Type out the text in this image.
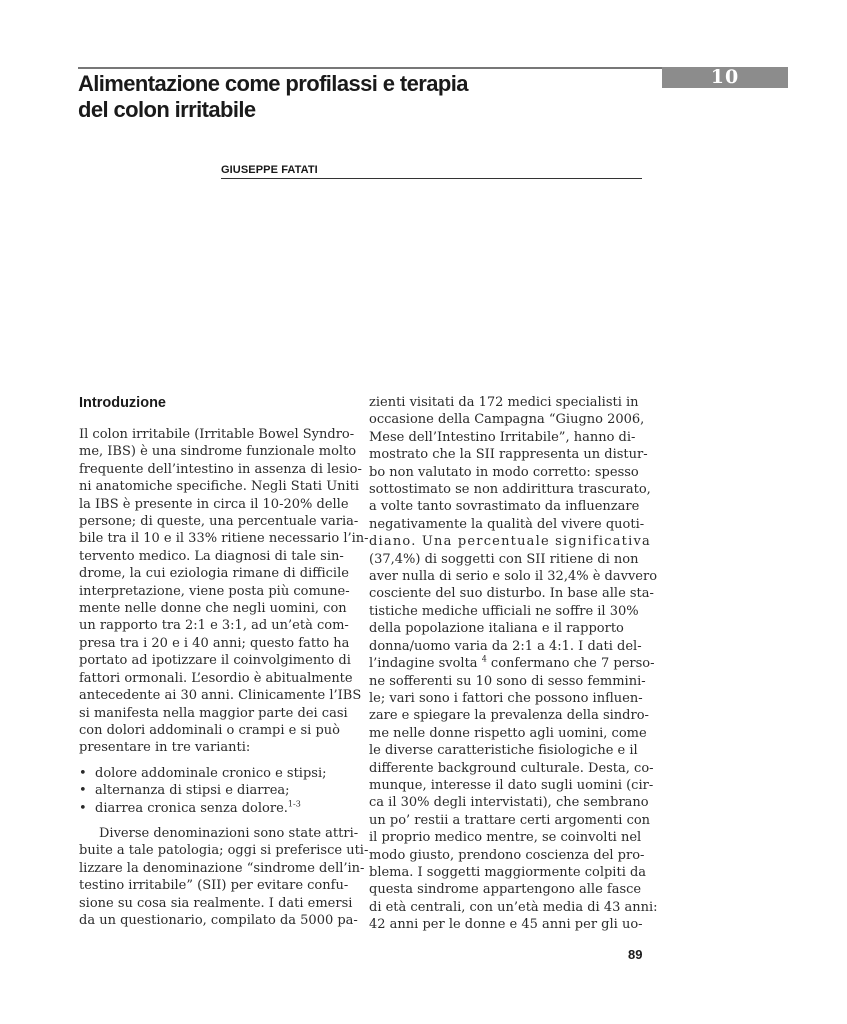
10
Alimentazione come profilassi e terapia
del colon irritabile
GIUSEPPE FATATI
Introduzione

Il colon irritabile (Irritable Bowel Syndro-

me, IBS) è una sindrome funzionale molto

frequente dell’intestino in assenza di lesio-

ni anatomiche specifiche. Negli Stati Uniti

la IBS è presente in circa il 10-20% delle

persone; di queste, una percentuale varia-

bile tra il 10 e il 33% ritiene necessario l’in-

tervento medico. La diagnosi di tale sin-

drome, la cui eziologia rimane di difficile

interpretazione, viene posta più comune-

mente nelle donne che negli uomini, con

un rapporto tra 2:1 e 3:1, ad un’età com-

presa tra i 20 e i 40 anni; questo fatto ha

portato ad ipotizzare il coinvolgimento di

fattori ormonali. L’esordio è abitualmente

antecedente ai 30 anni. Clinicamente l’IBS

si manifesta nella maggior parte dei casi

con dolori addominali o crampi e si può

presentare in tre varianti:

• dolore addominale cronico e stipsi;
• alternanza di stipsi e diarrea;
• diarrea cronica senza dolore.$^{1-3}$

Diverse denominazioni sono state attri-

buite a tale patologia; oggi si preferisce uti-

lizzare la denominazione “sindrome dell’in-

testino irritabile” (SII) per evitare confu-

sione su cosa sia realmente. I dati emersi

da un questionario, compilato da 5000 pa-

zienti visitati da 172 medici specialisti in

occasione della Campagna “Giugno 2006,

Mese dell’Intestino Irritabile”, hanno di-

mostrato che la SII rappresenta un distur-

bo non valutato in modo corretto: spesso

sottostimato se non addirittura trascurato,

a volte tanto sovrastimato da influenzare

negativamente la qualità del vivere quoti-

diano. Una percentuale significativa

(37,4%) di soggetti con SII ritiene di non

aver nulla di serio e solo il 32,4% è davvero

cosciente del suo disturbo. In base alle sta-

tistiche mediche ufficiali ne soffre il 30%

della popolazione italiana e il rapporto

donna/uomo varia da 2:1 a 4:1. I dati del-

l’indagine svolta $^4$ confermano che 7 perso-

ne sofferenti su 10 sono di sesso femmini-

le; vari sono i fattori che possono influen-

zare e spiegare la prevalenza della sindro-

me nelle donne rispetto agli uomini, come

le diverse caratteristiche fisiologiche e il

differente background culturale. Desta, co-

munque, interesse il dato sugli uomini (cir-

ca il 30% degli intervistati), che sembrano

un po’ restii a trattare certi argomenti con

il proprio medico mentre, se coinvolti nel

modo giusto, prendono coscienza del pro-

blema. I soggetti maggiormente colpiti da

questa sindrome appartengono alle fasce

di età centrali, con un’età media di 43 anni:

42 anni per le donne e 45 anni per gli uo-

89
